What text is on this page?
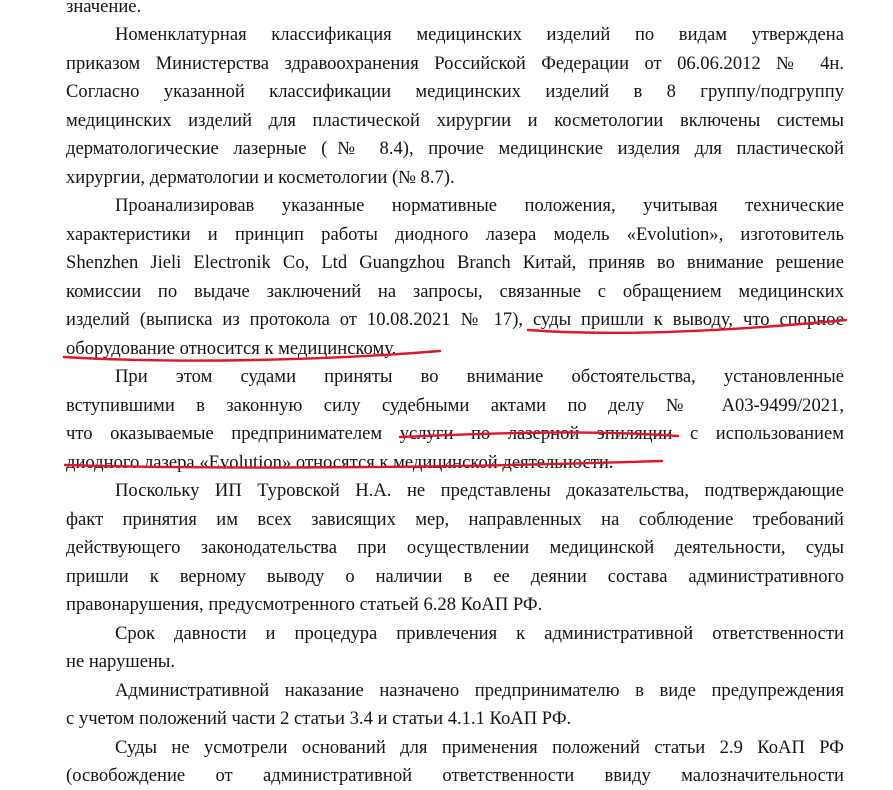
значение.
Номенклатурная классификация медицинских изделий по видам утверждена
приказом Министерства здравоохранения Российской Федерации от 06.06.2012 № 4н.
Согласно указанной классификации медицинских изделий в 8 группу/подгруппу
медицинских изделий для пластической хирургии и косметологии включены системы
дерматологические лазерные (№ 8.4), прочие медицинские изделия для пластической
хирургии, дерматологии и косметологии (№ 8.7).
Проанализировав указанные нормативные положения, учитывая технические
характеристики и принцип работы диодного лазера модель «Evolution», изготовитель
Shenzhen Jieli Electronik Co, Ltd Guangzhou Branch Китай, приняв во внимание решение
комиссии по выдаче заключений на запросы, связанные с обращением медицинских
изделий (выписка из протокола от 10.08.2021 № 17), суды пришли к выводу, что спорное
оборудование относится к медицинскому.
При этом судами приняты во внимание обстоятельства, установленные
вступившими в законную силу судебными актами по делу № А03-9499/2021,
что оказываемые предпринимателем услуги по лазерной эпиляции с использованием
диодного лазера «Evolution» относятся к медицинской деятельности.
Поскольку ИП Туровской Н.А. не представлены доказательства, подтверждающие
факт принятия им всех зависящих мер, направленных на соблюдение требований
действующего законодательства при осуществлении медицинской деятельности, суды
пришли к верному выводу о наличии в ее деянии состава административного
правонарушения, предусмотренного статьей 6.28 КоАП РФ.
Срок давности и процедура привлечения к административной ответственности
не нарушены.
Административной наказание назначено предпринимателю в виде предупреждения
с учетом положений части 2 статьи 3.4 и статьи 4.1.1 КоАП РФ.
Суды не усмотрели оснований для применения положений статьи 2.9 КоАП РФ
(освобождение от административной ответственности ввиду малозначительности
